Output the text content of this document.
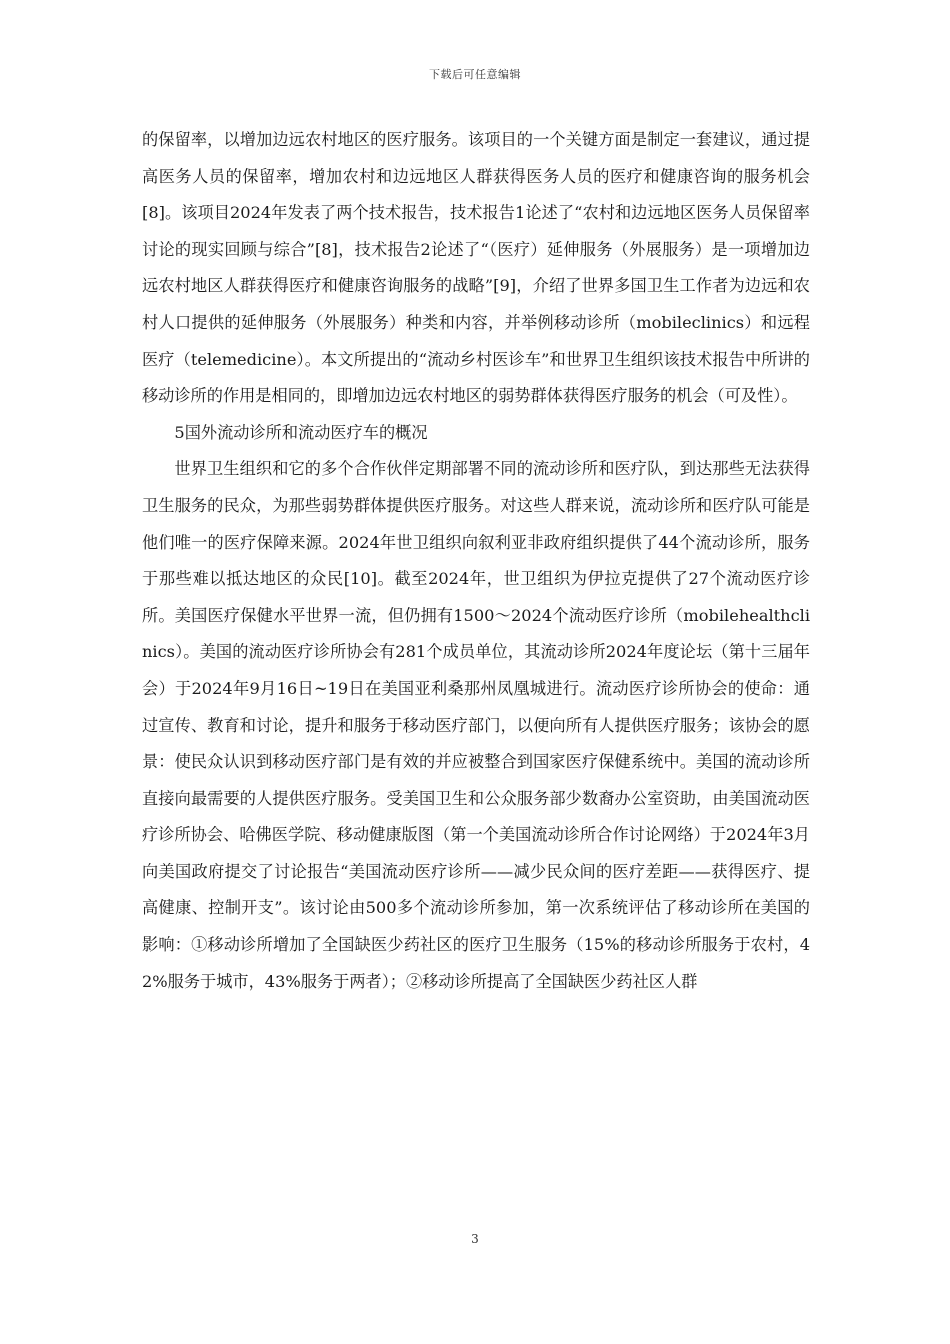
下载后可任意编辑

的保留率，以增加边远农村地区的医疗服务。该项目的一个关键方面是制定一套建议，通过提高医务人员的保留率，增加农村和边远地区人群获得医务人员的医疗和健康咨询的服务机会[8]。该项目2024年发表了两个技术报告，技术报告1论述了“农村和边远地区医务人员保留率讨论的现实回顾与综合”[8]，技术报告2论述了“（医疗）延伸服务（外展服务）是一项增加边远农村地区人群获得医疗和健康咨询服务的战略”[9]，介绍了世界多国卫生工作者为边远和农村人口提供的延伸服务（外展服务）种类和内容，并举例移动诊所（mobileclinics）和远程医疗（telemedicine）。本文所提出的“流动乡村医诊车”和世界卫生组织该技术报告中所讲的移动诊所的作用是相同的，即增加边远农村地区的弱势群体获得医疗服务的机会（可及性）。

5国外流动诊所和流动医疗车的概况

世界卫生组织和它的多个合作伙伴定期部署不同的流动诊所和医疗队，到达那些无法获得卫生服务的民众，为那些弱势群体提供医疗服务。对这些人群来说，流动诊所和医疗队可能是他们唯一的医疗保障来源。2024年世卫组织向叙利亚非政府组织提供了44个流动诊所，服务于那些难以抵达地区的众民[10]。截至2024年，世卫组织为伊拉克提供了27个流动医疗诊所。美国医疗保健水平世界一流，但仍拥有1500～2024个流动医疗诊所（mobilehealthclinics）。美国的流动医疗诊所协会有281个成员单位，其流动诊所2024年度论坛（第十三届年会）于2024年9月16日~19日在美国亚利桑那州凤凰城进行。流动医疗诊所协会的使命：通过宣传、教育和讨论，提升和服务于移动医疗部门，以便向所有人提供医疗服务；该协会的愿景：使民众认识到移动医疗部门是有效的并应被整合到国家医疗保健系统中。美国的流动诊所直接向最需要的人提供医疗服务。受美国卫生和公众服务部少数裔办公室资助，由美国流动医疗诊所协会、哈佛医学院、移动健康版图（第一个美国流动诊所合作讨论网络）于2024年3月向美国政府提交了讨论报告“美国流动医疗诊所——减少民众间的医疗差距——获得医疗、提高健康、控制开支”。该讨论由500多个流动诊所参加，第一次系统评估了移动诊所在美国的影响：①移动诊所增加了全国缺医少药社区的医疗卫生服务（15%的移动诊所服务于农村，42%服务于城市，43%服务于两者）；②移动诊所提高了全国缺医少药社区人群

3
